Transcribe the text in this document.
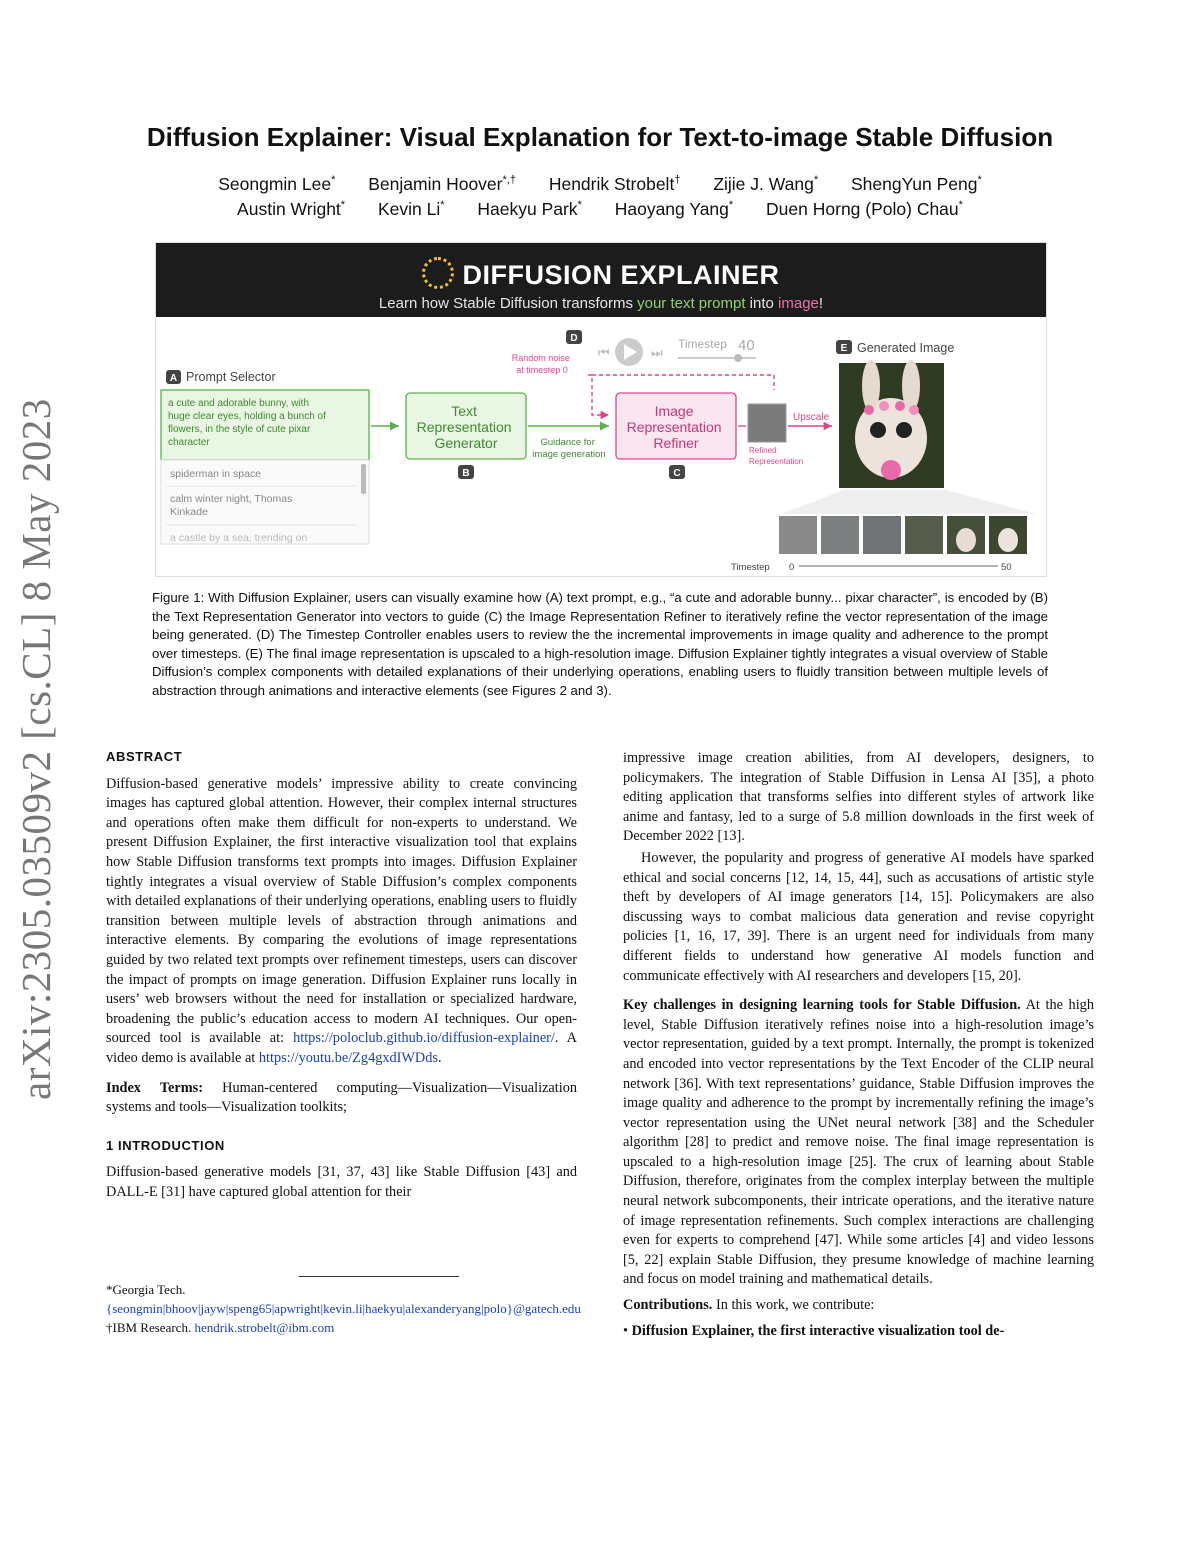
arXiv:2305.03509v2 [cs.CL] 8 May 2023
Diffusion Explainer: Visual Explanation for Text-to-image Stable Diffusion
Seongmin Lee* Benjamin Hoover*,† Hendrik Strobelt† Zijie J. Wang* ShengYun Peng*
Austin Wright* Kevin Li* Haekyu Park* Haoyang Yang* Duen Horng (Polo) Chau*
DIFFUSION EXPLAINER
Learn how Stable Diffusion transforms your text prompt into image!
A Prompt Selector
a cute and adorable bunny, with huge clear eyes, holding a bunch of flowers, in the style of cute pixar character
spiderman in space
calm winter night, Thomas Kinkade
a castle by a sea, trending on
Text Representation Generator
B
Guidance for image generation
D
⏮	⏭
Timestep 40
Random noise at timestep 0
Image Representation Refiner
C
Refined Representation
Upscale
E Generated Image
Timestep 0	50
Figure 1: With Diffusion Explainer, users can visually examine how (A) text prompt, e.g., “a cute and adorable bunny... pixar character”, is encoded by (B) the Text Representation Generator into vectors to guide (C) the Image Representation Refiner to iteratively refine the vector representation of the image being generated. (D) The Timestep Controller enables users to review the the incremental improvements in image quality and adherence to the prompt over timesteps. (E) The final image representation is upscaled to a high-resolution image. Diffusion Explainer tightly integrates a visual overview of Stable Diffusion’s complex components with detailed explanations of their underlying operations, enabling users to fluidly transition between multiple levels of abstraction through animations and interactive elements (see Figures 2 and 3).
ABSTRACT

Diffusion-based generative models’ impressive ability to create convincing images has captured global attention. However, their complex internal structures and operations often make them difficult for non-experts to understand. We present Diffusion Explainer, the first interactive visualization tool that explains how Stable Diffusion transforms text prompts into images. Diffusion Explainer tightly integrates a visual overview of Stable Diffusion’s complex components with detailed explanations of their underlying operations, enabling users to fluidly transition between multiple levels of abstraction through animations and interactive elements. By comparing the evolutions of image representations guided by two related text prompts over refinement timesteps, users can discover the impact of prompts on image generation. Diffusion Explainer runs locally in users’ web browsers without the need for installation or specialized hardware, broadening the public’s education access to modern AI techniques. Our open-sourced tool is available at: https://poloclub.github.io/diffusion-explainer/. A video demo is available at https://youtu.be/Zg4gxdIWDds.

Index Terms: Human-centered computing—Visualization—Visualization systems and tools—Visualization toolkits;

1 INTRODUCTION

Diffusion-based generative models [31, 37, 43] like Stable Diffusion [43] and DALL-E [31] have captured global attention for their

*Georgia Tech. {seongmin|bhoov|jayw|speng65|apwright|kevin.li|haekyu|alexanderyang|polo}@gatech.edu
†IBM Research. hendrik.strobelt@ibm.com

impressive image creation abilities, from AI developers, designers, to policymakers. The integration of Stable Diffusion in Lensa AI [35], a photo editing application that transforms selfies into different styles of artwork like anime and fantasy, led to a surge of 5.8 million downloads in the first week of December 2022 [13].

However, the popularity and progress of generative AI models have sparked ethical and social concerns [12, 14, 15, 44], such as accusations of artistic style theft by developers of AI image generators [14, 15]. Policymakers are also discussing ways to combat malicious data generation and revise copyright policies [1, 16, 17, 39]. There is an urgent need for individuals from many different fields to understand how generative AI models function and communicate effectively with AI researchers and developers [15, 20].

Key challenges in designing learning tools for Stable Diffusion. At the high level, Stable Diffusion iteratively refines noise into a high-resolution image’s vector representation, guided by a text prompt. Internally, the prompt is tokenized and encoded into vector representations by the Text Encoder of the CLIP neural network [36]. With text representations’ guidance, Stable Diffusion improves the image quality and adherence to the prompt by incrementally refining the image’s vector representation using the UNet neural network [38] and the Scheduler algorithm [28] to predict and remove noise. The final image representation is upscaled to a high-resolution image [25]. The crux of learning about Stable Diffusion, therefore, originates from the complex interplay between the multiple neural network subcomponents, their intricate operations, and the iterative nature of image representation refinements. Such complex interactions are challenging even for experts to comprehend [47]. While some articles [4] and video lessons [5, 22] explain Stable Diffusion, they presume knowledge of machine learning and focus on model training and mathematical details.

Contributions. In this work, we contribute:

• Diffusion Explainer, the first interactive visualization tool de-
